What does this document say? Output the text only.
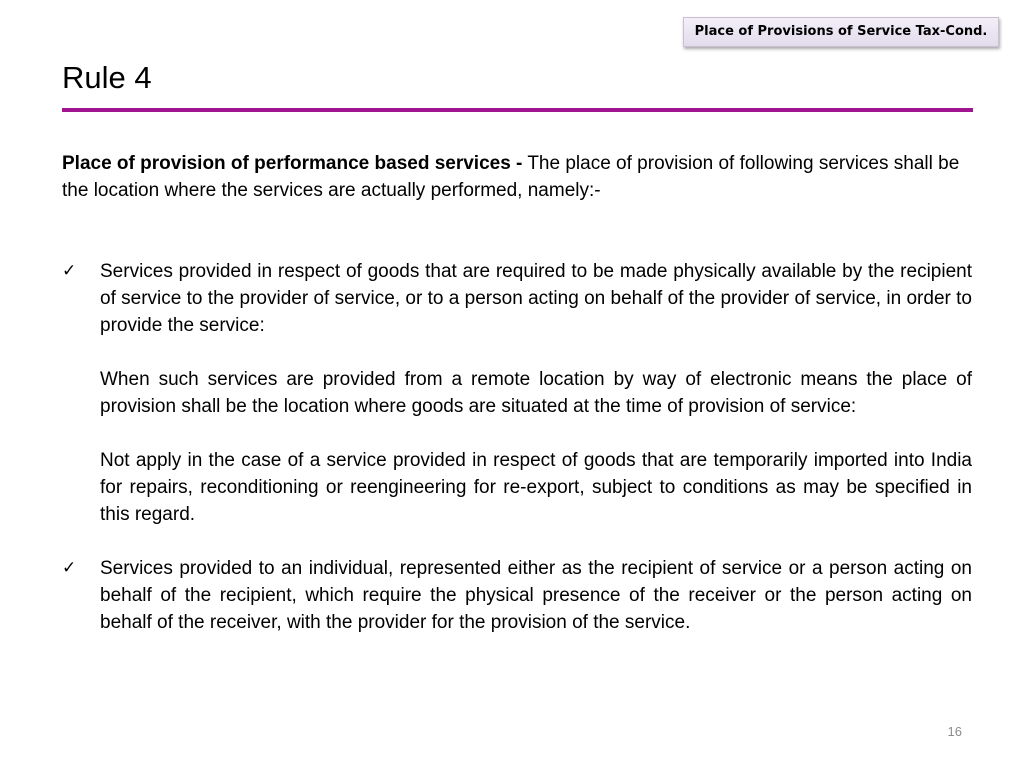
Place of Provisions of Service Tax-Cond.
Rule 4

Place of provision of performance based services - The place of provision of following services shall be the location where the services are actually performed, namely:-

✓ Services provided in respect of goods that are required to be made physically available by the recipient of service to the provider of service, or to a person acting on behalf of the provider of service, in order to provide the service:

When such services are provided from a remote location by way of electronic means the place of provision shall be the location where goods are situated at the time of provision of service:

Not apply in the case of a service provided in respect of goods that are temporarily imported into India for repairs, reconditioning or reengineering for re-export, subject to conditions as may be specified in this regard.

✓ Services provided to an individual, represented either as the recipient of service or a person acting on behalf of the recipient, which require the physical presence of the receiver or the person acting on behalf of the receiver, with the provider for the provision of the service.

16
